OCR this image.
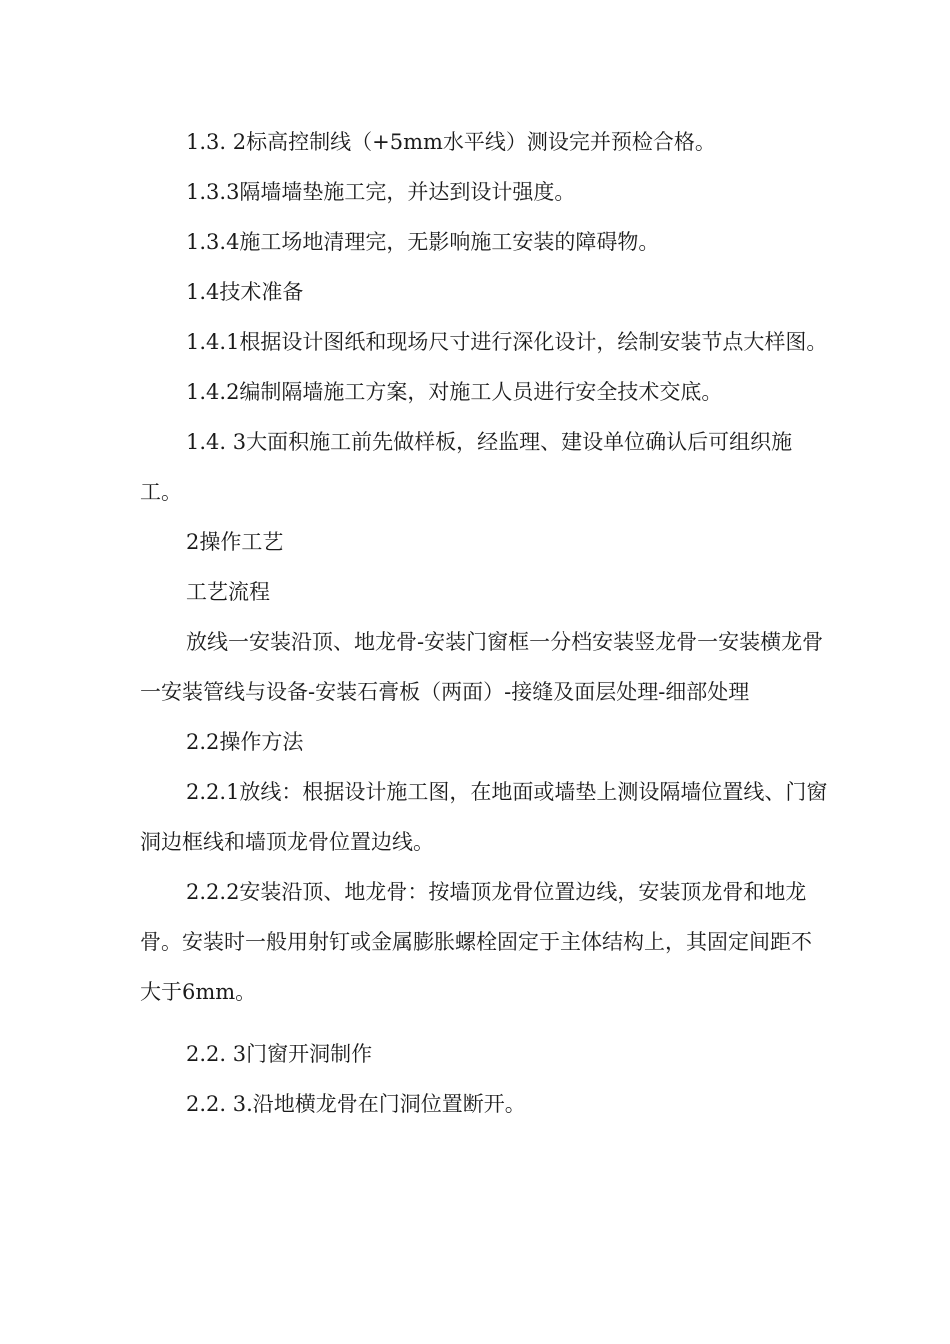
1.3. 2标高控制线（+5mm水平线）测设完并预检合格。

1.3.3隔墙墙垫施工完，并达到设计强度。

1.3.4施工场地清理完，无影响施工安装的障碍物。

1.4技术准备

1.4.1根据设计图纸和现场尺寸进行深化设计，绘制安装节点大样图。

1.4.2编制隔墙施工方案，对施工人员进行安全技术交底。

1.4. 3大面积施工前先做样板，经监理、建设单位确认后可组织施工。

2操作工艺

工艺流程

放线一安装沿顶、地龙骨-安装门窗框一分档安装竖龙骨一安装横龙骨一安装管线与设备-安装石膏板（两面）-接缝及面层处理-细部处理

2.2操作方法

2.2.1放线：根据设计施工图，在地面或墙垫上测设隔墙位置线、门窗洞边框线和墙顶龙骨位置边线。

2.2.2安装沿顶、地龙骨：按墙顶龙骨位置边线，安装顶龙骨和地龙骨。安装时一般用射钉或金属膨胀螺栓固定于主体结构上，其固定间距不大于6mm。

2.2. 3门窗开洞制作

2.2. 3.沿地横龙骨在门洞位置断开。
